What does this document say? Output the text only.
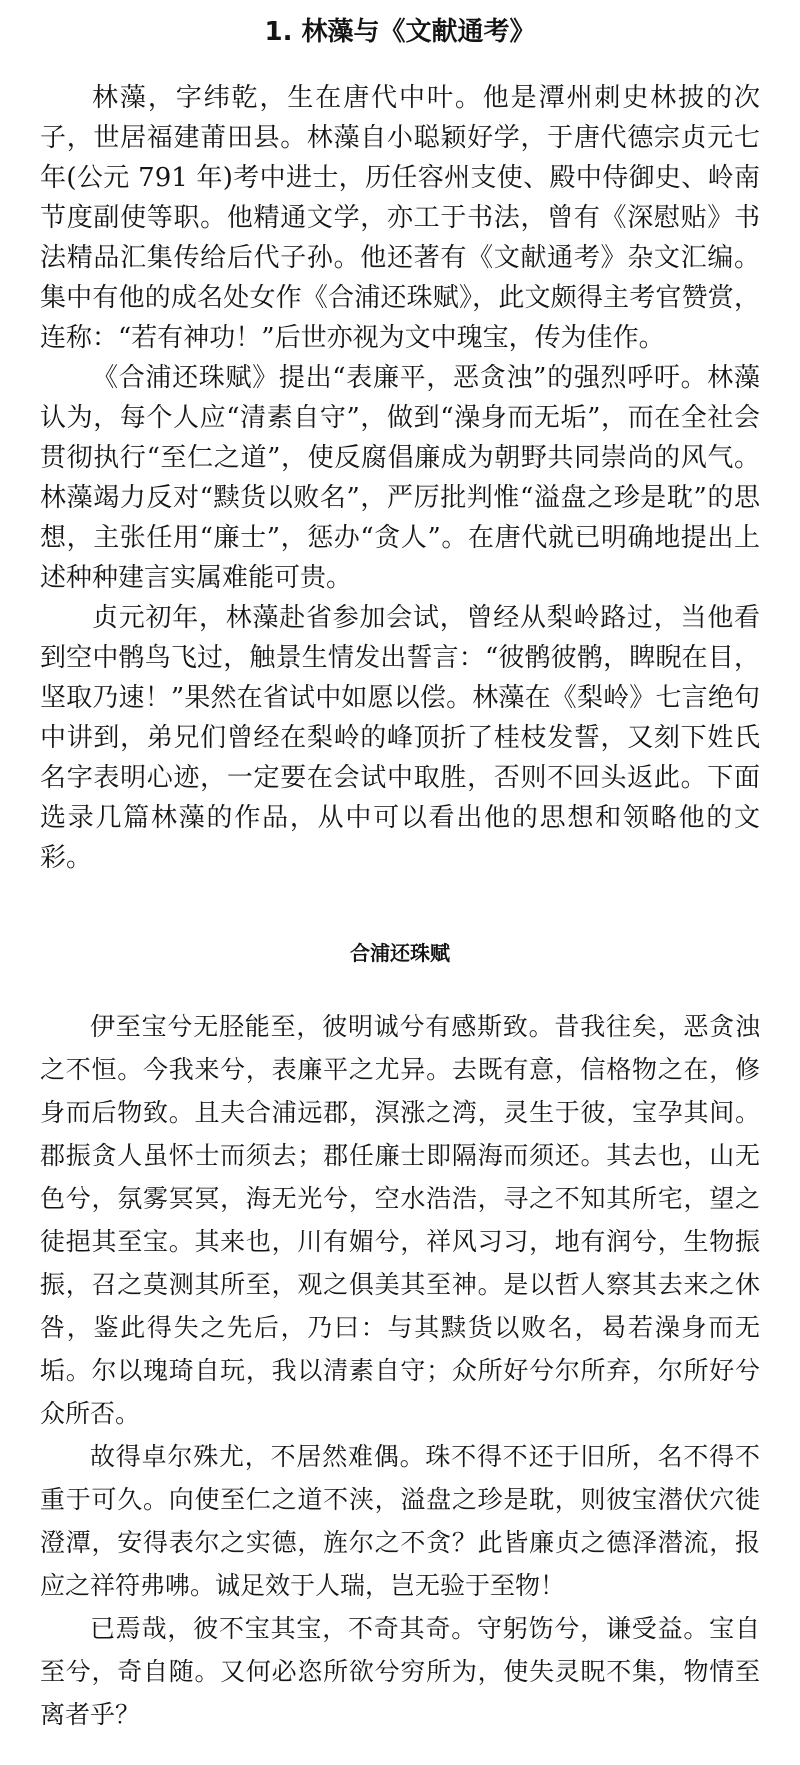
1. 林藻与《文献通考》

林藻，字纬乾，生在唐代中叶。他是潭州刺史林披的次子，世居福建莆田县。林藻自小聪颖好学，于唐代德宗贞元七年(公元 791 年)考中进士，历任容州支使、殿中侍御史、岭南节度副使等职。他精通文学，亦工于书法，曾有《深慰贴》书法精品汇集传给后代子孙。他还著有《文献通考》杂文汇编。集中有他的成名处女作《合浦还珠赋》，此文颇得主考官赞赏，连称：“若有神功！”后世亦视为文中瑰宝，传为佳作。

《合浦还珠赋》提出“表廉平，恶贪浊”的强烈呼吁。林藻认为，每个人应“清素自守”，做到“澡身而无垢”，而在全社会贯彻执行“至仁之道”，使反腐倡廉成为朝野共同崇尚的风气。林藻竭力反对“黩货以败名”，严厉批判惟“溢盘之珍是耽”的思想，主张任用“廉士”，惩办“贪人”。在唐代就已明确地提出上述种种建言实属难能可贵。

贞元初年，林藻赴省参加会试，曾经从梨岭路过，当他看到空中鹘鸟飞过，触景生情发出誓言：“彼鹘彼鹘，睥睨在目，坚取乃速！”果然在省试中如愿以偿。林藻在《梨岭》七言绝句中讲到，弟兄们曾经在梨岭的峰顶折了桂枝发誓，又刻下姓氏名字表明心迹，一定要在会试中取胜，否则不回头返此。下面选录几篇林藻的作品，从中可以看出他的思想和领略他的文彩。

合浦还珠赋

伊至宝兮无胫能至，彼明诚兮有感斯致。昔我往矣，恶贪浊之不恒。今我来兮，表廉平之尤异。去既有意，信格物之在，修身而后物致。且夫合浦远郡，溟涨之湾，灵生于彼，宝孕其间。郡振贪人虽怀士而须去；郡任廉士即隔海而须还。其去也，山无色兮，氛雾冥冥，海无光兮，空水浩浩，寻之不知其所宅，望之徒挹其至宝。其来也，川有媚兮，祥风习习，地有润兮，生物振振，召之莫测其所至，观之俱美其至神。是以哲人察其去来之休咎，鉴此得失之先后，乃曰：与其黩货以败名，曷若澡身而无垢。尔以瑰琦自玩，我以清素自守；众所好兮尔所弃，尔所好兮众所否。

故得卓尔殊尤，不居然难偶。珠不得不还于旧所，名不得不重于可久。向使至仁之道不浃，溢盘之珍是耽，则彼宝潜伏穴徙澄潭，安得表尔之实德，旌尔之不贪？此皆廉贞之德泽潜流，报应之祥符弗咈。诚足效于人瑞，岂无验于至物！

已焉哉，彼不宝其宝，不奇其奇。守躬饬兮，谦受益。宝自至兮，奇自随。又何必恣所欲兮穷所为，使失灵眖不集，物情至离者乎？
